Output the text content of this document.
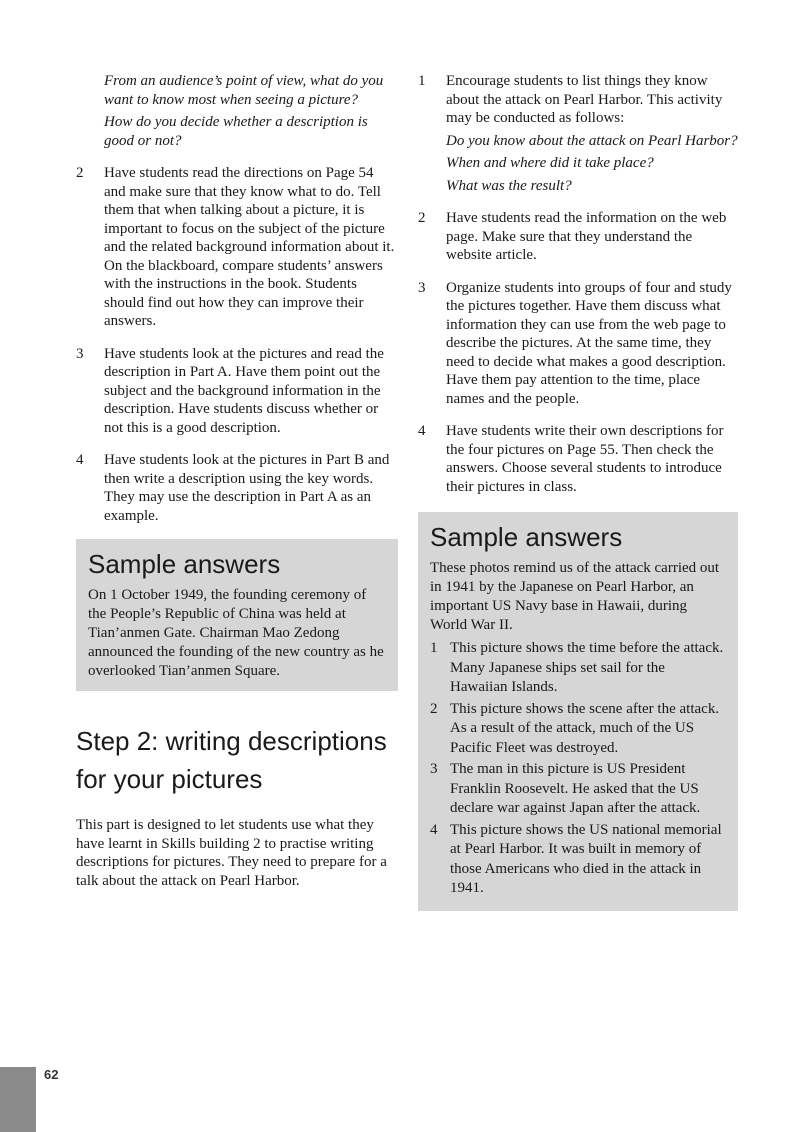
From an audience’s point of view, what do you want to know most when seeing a picture?

How do you decide whether a description is good or not?

2	Have students read the directions on Page 54 and make sure that they know what to do. Tell them that when talking about a picture, it is important to focus on the subject of the picture and the related background information about it. On the blackboard, compare students’ answers with the instructions in the book. Students should find out how they can improve their answers.
3	Have students look at the pictures and read the description in Part A. Have them point out the subject and the background information in the description. Have students discuss whether or not this is a good description.
4	Have students look at the pictures in Part B and then write a description using the key words. They may use the description in Part A as an example.
Sample answers

On 1 October 1949, the founding ceremony of the People’s Republic of China was held at Tian’anmen Gate. Chairman Mao Zedong announced the founding of the new country as he overlooked Tian’anmen Square.

Step 2: writing descriptions for your pictures

This part is designed to let students use what they have learnt in Skills building 2 to practise writing descriptions for pictures. They need to prepare for a talk about the attack on Pearl Harbor.

1	Encourage students to list things they know about the attack on Pearl Harbor. This activity may be conducted as follows:

Do you know about the attack on Pearl Harbor?

When and where did it take place?

What was the result?

2	Have students read the information on the web page. Make sure that they understand the website article.
3	Organize students into groups of four and study the pictures together. Have them discuss what information they can use from the web page to describe the pictures. At the same time, they need to decide what makes a good description. Have them pay attention to the time, place names and the people.
4	Have students write their own descriptions for the four pictures on Page 55. Then check the answers. Choose several students to introduce their pictures in class.
Sample answers

These photos remind us of the attack carried out in 1941 by the Japanese on Pearl Harbor, an important US Navy base in Hawaii, during World War II.

1 This picture shows the time before the attack. Many Japanese ships set sail for the Hawaiian Islands.
2 This picture shows the scene after the attack. As a result of the attack, much of the US Pacific Fleet was destroyed.
3 The man in this picture is US President Franklin Roosevelt. He asked that the US declare war against Japan after the attack.
4 This picture shows the US national memorial at Pearl Harbor. It was built in memory of those Americans who died in the attack in 1941.
62
